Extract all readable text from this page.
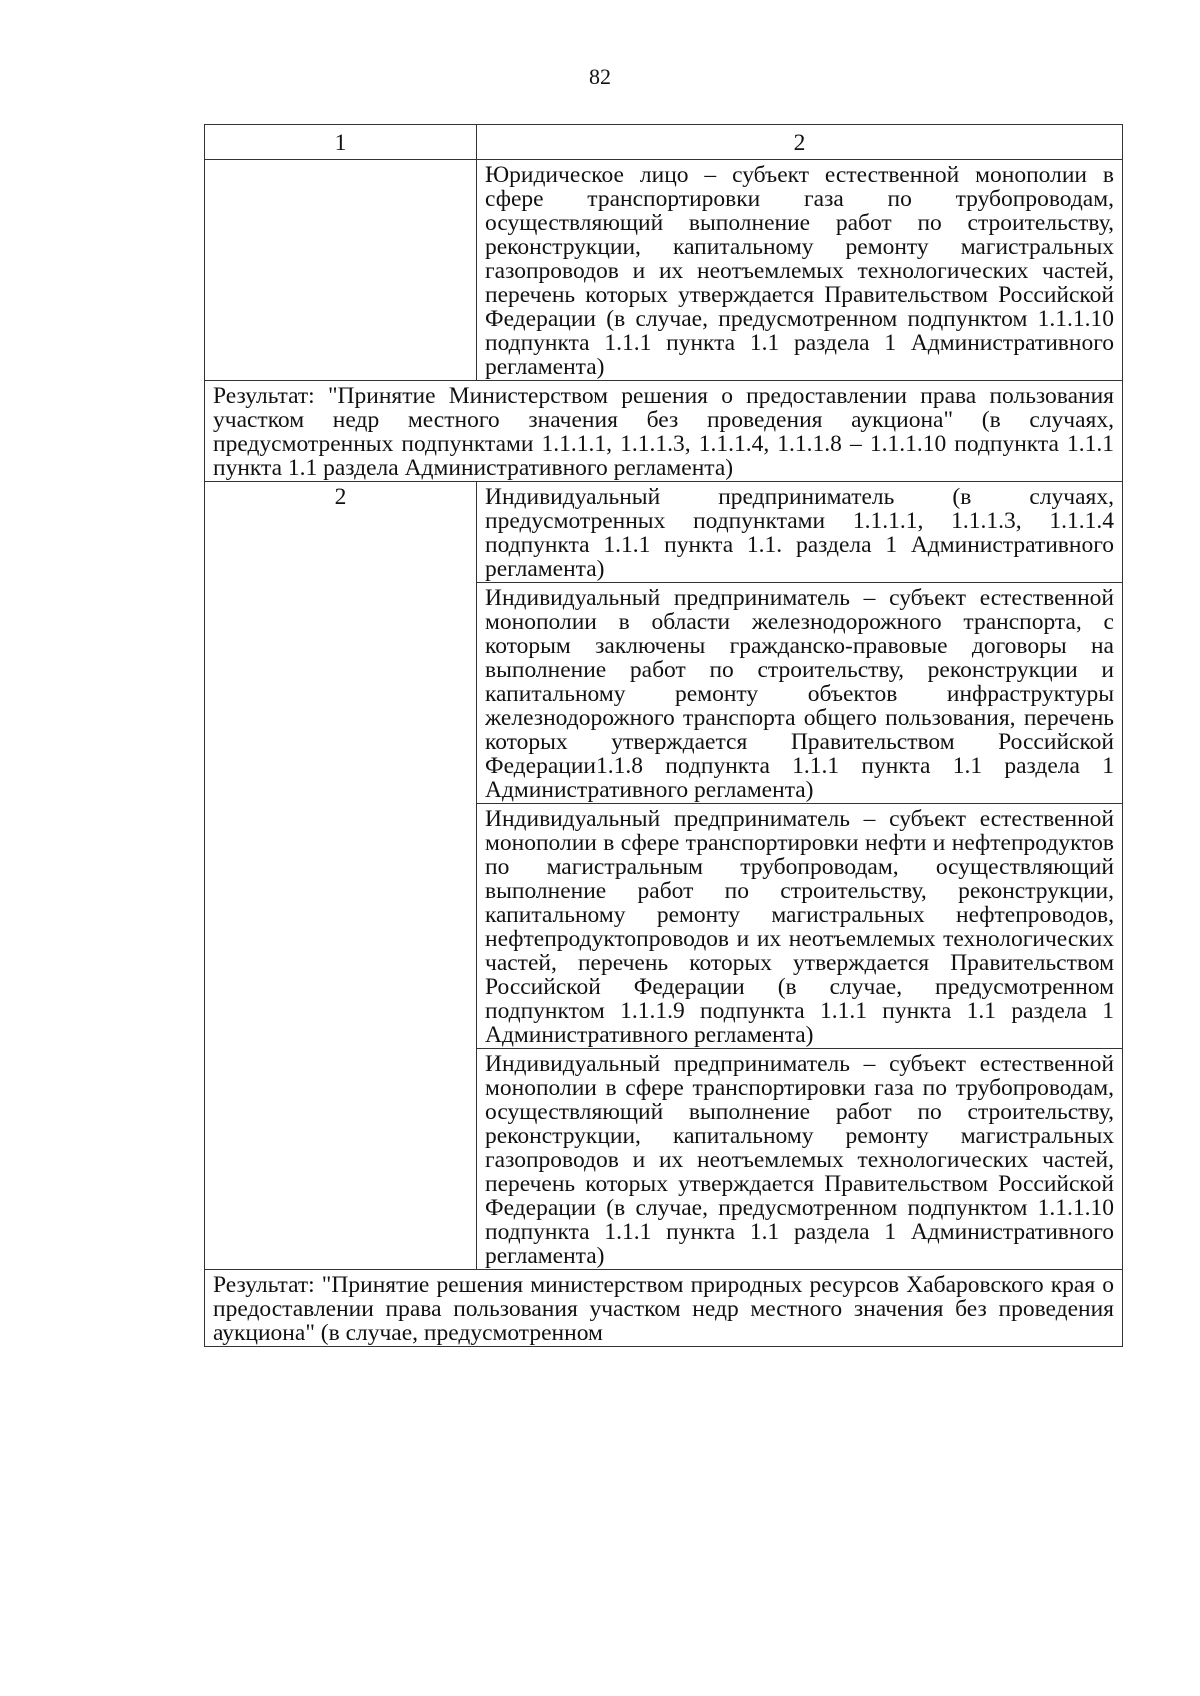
82
1	2
	Юридическое лицо – субъект естественной монополии в сфере транспортировки газа по трубопроводам, осуществляющий выполнение работ по строительству, реконструкции, капитальному ремонту магистральных газопроводов и их неотъемлемых технологических частей, перечень которых утверждается Правительством Российской Федерации (в случае, предусмотренном подпунктом 1.1.1.10 подпункта 1.1.1 пункта 1.1 раздела 1 Административного регламента)
Результат: "Принятие Министерством решения о предоставлении права пользования участком недр местного значения без проведения аукциона" (в случаях, предусмотренных подпунктами 1.1.1.1, 1.1.1.3, 1.1.1.4, 1.1.1.8 – 1.1.1.10 подпункта 1.1.1 пункта 1.1 раздела Административного регламента)	
2	Индивидуальный предприниматель (в случаях, предусмотренных подпунктами 1.1.1.1, 1.1.1.3, 1.1.1.4 подпункта 1.1.1 пункта 1.1. раздела 1 Административного регламента)
	Индивидуальный предприниматель – субъект естественной монополии в области железнодорожного транспорта, с которым заключены гражданско-правовые договоры на выполнение работ по строительству, реконструкции и капитальному ремонту объектов инфраструктуры железнодорожного транспорта общего пользования, перечень которых утверждается Правительством Российской Федерации1.1.8 подпункта 1.1.1 пункта 1.1 раздела 1 Административного регламента)
	Индивидуальный предприниматель – субъект естественной монополии в сфере транспортировки нефти и нефтепродуктов по магистральным трубопроводам, осуществляющий выполнение работ по строительству, реконструкции, капитальному ремонту магистральных нефтепроводов, нефтепродуктопроводов и их неотъемлемых технологических частей, перечень которых утверждается Правительством Российской Федерации (в случае, предусмотренном подпунктом 1.1.1.9 подпункта 1.1.1 пункта 1.1 раздела 1 Административного регламента)
	Индивидуальный предприниматель – субъект естественной монополии в сфере транспортировки газа по трубопроводам, осуществляющий выполнение работ по строительству, реконструкции, капитальному ремонту магистральных газопроводов и их неотъемлемых технологических частей, перечень которых утверждается Правительством Российской Федерации (в случае, предусмотренном подпунктом 1.1.1.10 подпункта 1.1.1 пункта 1.1 раздела 1 Административного регламента)
Результат: "Принятие решения министерством природных ресурсов Хабаровского края о предоставлении права пользования участком недр местного значения без проведения аукциона" (в случае, предусмотренном	
